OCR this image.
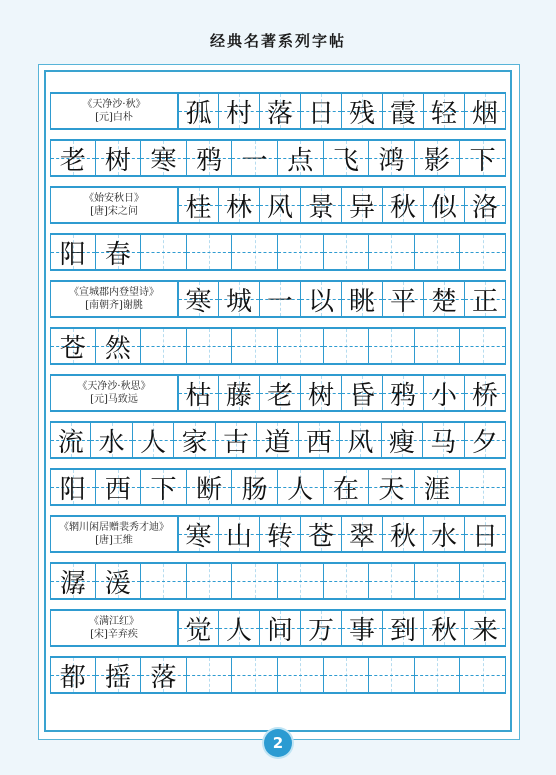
经典名著系列字帖
《天净沙·秋》
[元]白朴 孤 村 落 日 残 霞 轻 烟
老 树 寒 鸦 一 点 飞 鸿 影 下
《始安秋日》
[唐]宋之问 桂 林 风 景 异 秋 似 洛
阳 春
《宣城郡内登望诗》
[南朝齐]谢朓 寒 城 一 以 眺 平 楚 正
苍 然
《天净沙·秋思》
[元]马致远 枯 藤 老 树 昏 鸦 小 桥
流 水 人 家 古 道 西 风 瘦 马 夕
阳 西 下 断 肠 人 在 天 涯
《辋川闲居赠裴秀才迪》
[唐]王维 寒 山 转 苍 翠 秋 水 日
潺 湲
《满江红》
[宋]辛弃疾 觉 人 间 万 事 到 秋 来
都 摇 落
2
